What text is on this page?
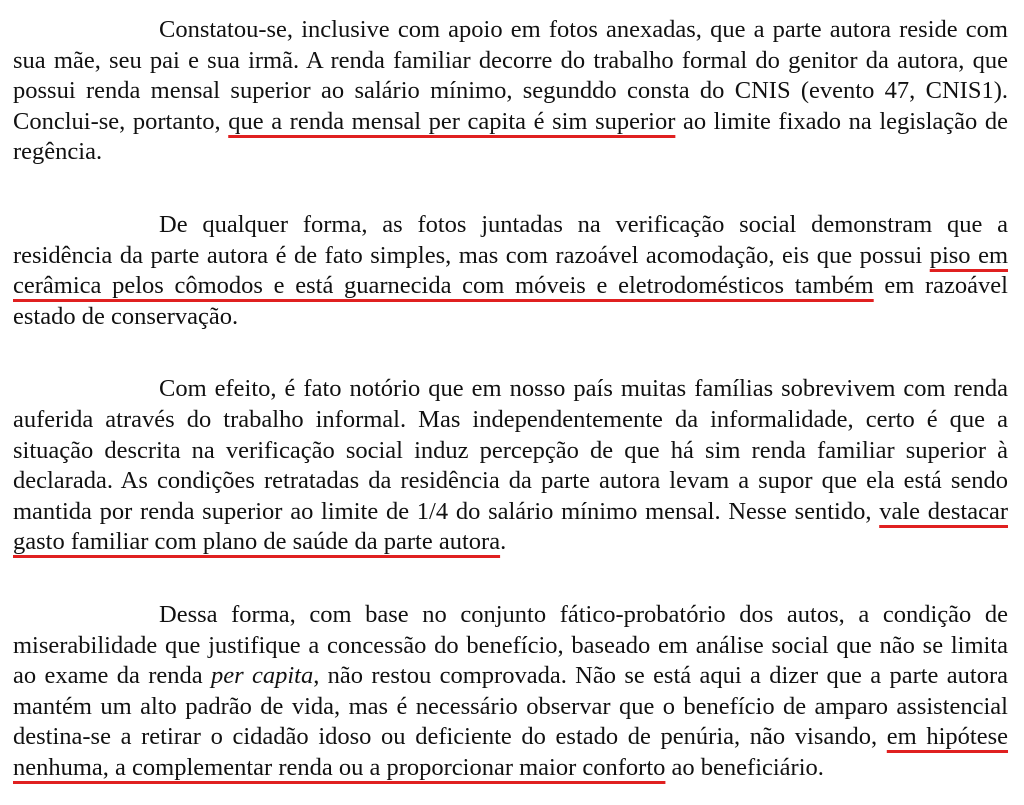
Constatou-se, inclusive com apoio em fotos anexadas, que a parte autora reside com sua mãe, seu pai e sua irmã. A renda familiar decorre do trabalho formal do genitor da autora, que possui renda mensal superior ao salário mínimo, segunddo consta do CNIS (evento 47, CNIS1). Conclui-se, portanto, que a renda mensal per capita é sim superior ao limite fixado na legislação de regência.

De qualquer forma, as fotos juntadas na verificação social demonstram que a residência da parte autora é de fato simples, mas com razoável acomodação, eis que possui piso em cerâmica pelos cômodos e está guarnecida com móveis e eletrodomésticos também em razoável estado de conservação.

Com efeito, é fato notório que em nosso país muitas famílias sobrevivem com renda auferida através do trabalho informal. Mas independentemente da informalidade, certo é que a situação descrita na verificação social induz percepção de que há sim renda familiar superior à declarada. As condições retratadas da residência da parte autora levam a supor que ela está sendo mantida por renda superior ao limite de 1/4 do salário mínimo mensal. Nesse sentido, vale destacar gasto familiar com plano de saúde da parte autora.

Dessa forma, com base no conjunto fático-probatório dos autos, a condição de miserabilidade que justifique a concessão do benefício, baseado em análise social que não se limita ao exame da renda per capita, não restou comprovada. Não se está aqui a dizer que a parte autora mantém um alto padrão de vida, mas é necessário observar que o benefício de amparo assistencial destina-se a retirar o cidadão idoso ou deficiente do estado de penúria, não visando, em hipótese nenhuma, a complementar renda ou a proporcionar maior conforto ao beneficiário.
